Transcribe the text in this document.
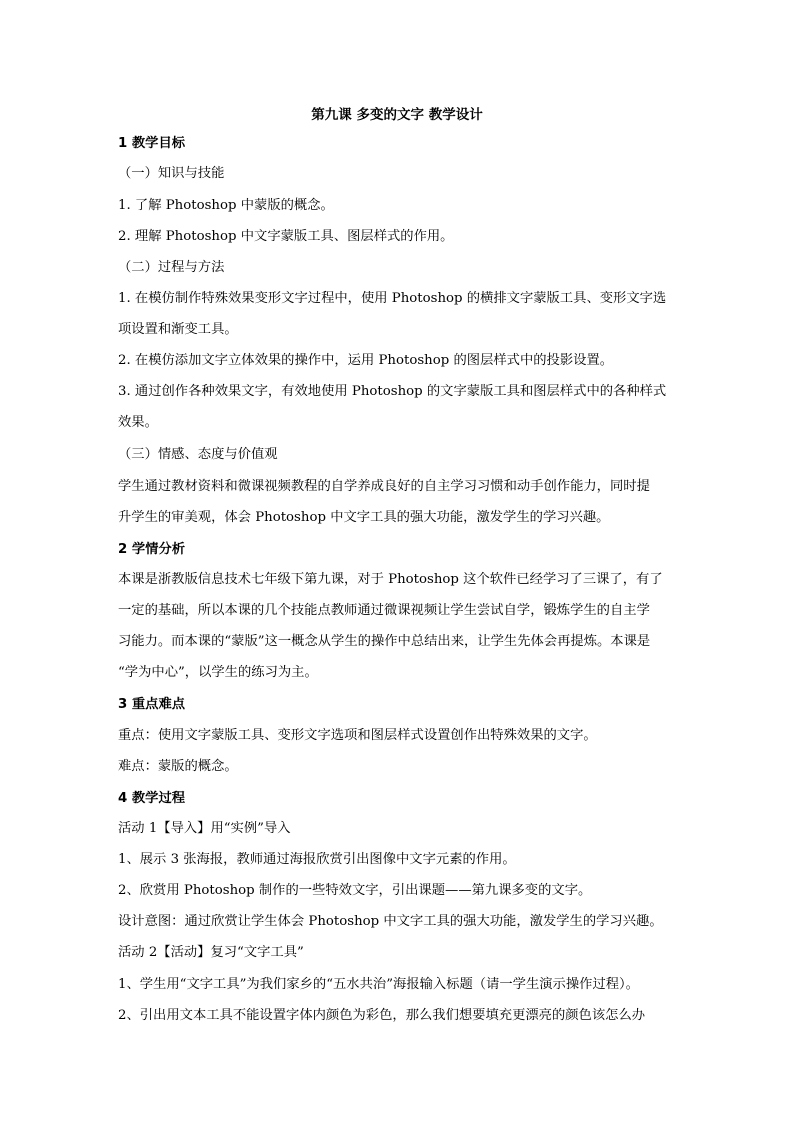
第九课 多变的文字 教学设计
1 教学目标
（一）知识与技能
1. 了解 Photoshop 中蒙版的概念。
2. 理解 Photoshop 中文字蒙版工具、图层样式的作用。
（二）过程与方法
1. 在模仿制作特殊效果变形文字过程中，使用 Photoshop 的横排文字蒙版工具、变形文字选
项设置和渐变工具。
2. 在模仿添加文字立体效果的操作中，运用 Photoshop 的图层样式中的投影设置。
3. 通过创作各种效果文字，有效地使用 Photoshop 的文字蒙版工具和图层样式中的各种样式
效果。
（三）情感、态度与价值观
学生通过教材资料和微课视频教程的自学养成良好的自主学习习惯和动手创作能力，同时提
升学生的审美观，体会 Photoshop 中文字工具的强大功能，激发学生的学习兴趣。
2 学情分析
本课是浙教版信息技术七年级下第九课，对于 Photoshop 这个软件已经学习了三课了，有了
一定的基础，所以本课的几个技能点教师通过微课视频让学生尝试自学，锻炼学生的自主学
习能力。而本课的“蒙版”这一概念从学生的操作中总结出来，让学生先体会再提炼。本课是
“学为中心”，以学生的练习为主。
3 重点难点
重点：使用文字蒙版工具、变形文字选项和图层样式设置创作出特殊效果的文字。
难点：蒙版的概念。
4 教学过程
活动 1【导入】用“实例”导入
1、展示 3 张海报，教师通过海报欣赏引出图像中文字元素的作用。
2、欣赏用 Photoshop 制作的一些特效文字，引出课题——第九课多变的文字。
设计意图：通过欣赏让学生体会 Photoshop 中文字工具的强大功能，激发学生的学习兴趣。
活动 2【活动】复习“文字工具”
1、学生用“文字工具”为我们家乡的“五水共治”海报输入标题（请一学生演示操作过程）。
2、引出用文本工具不能设置字体内颜色为彩色，那么我们想要填充更漂亮的颜色该怎么办
